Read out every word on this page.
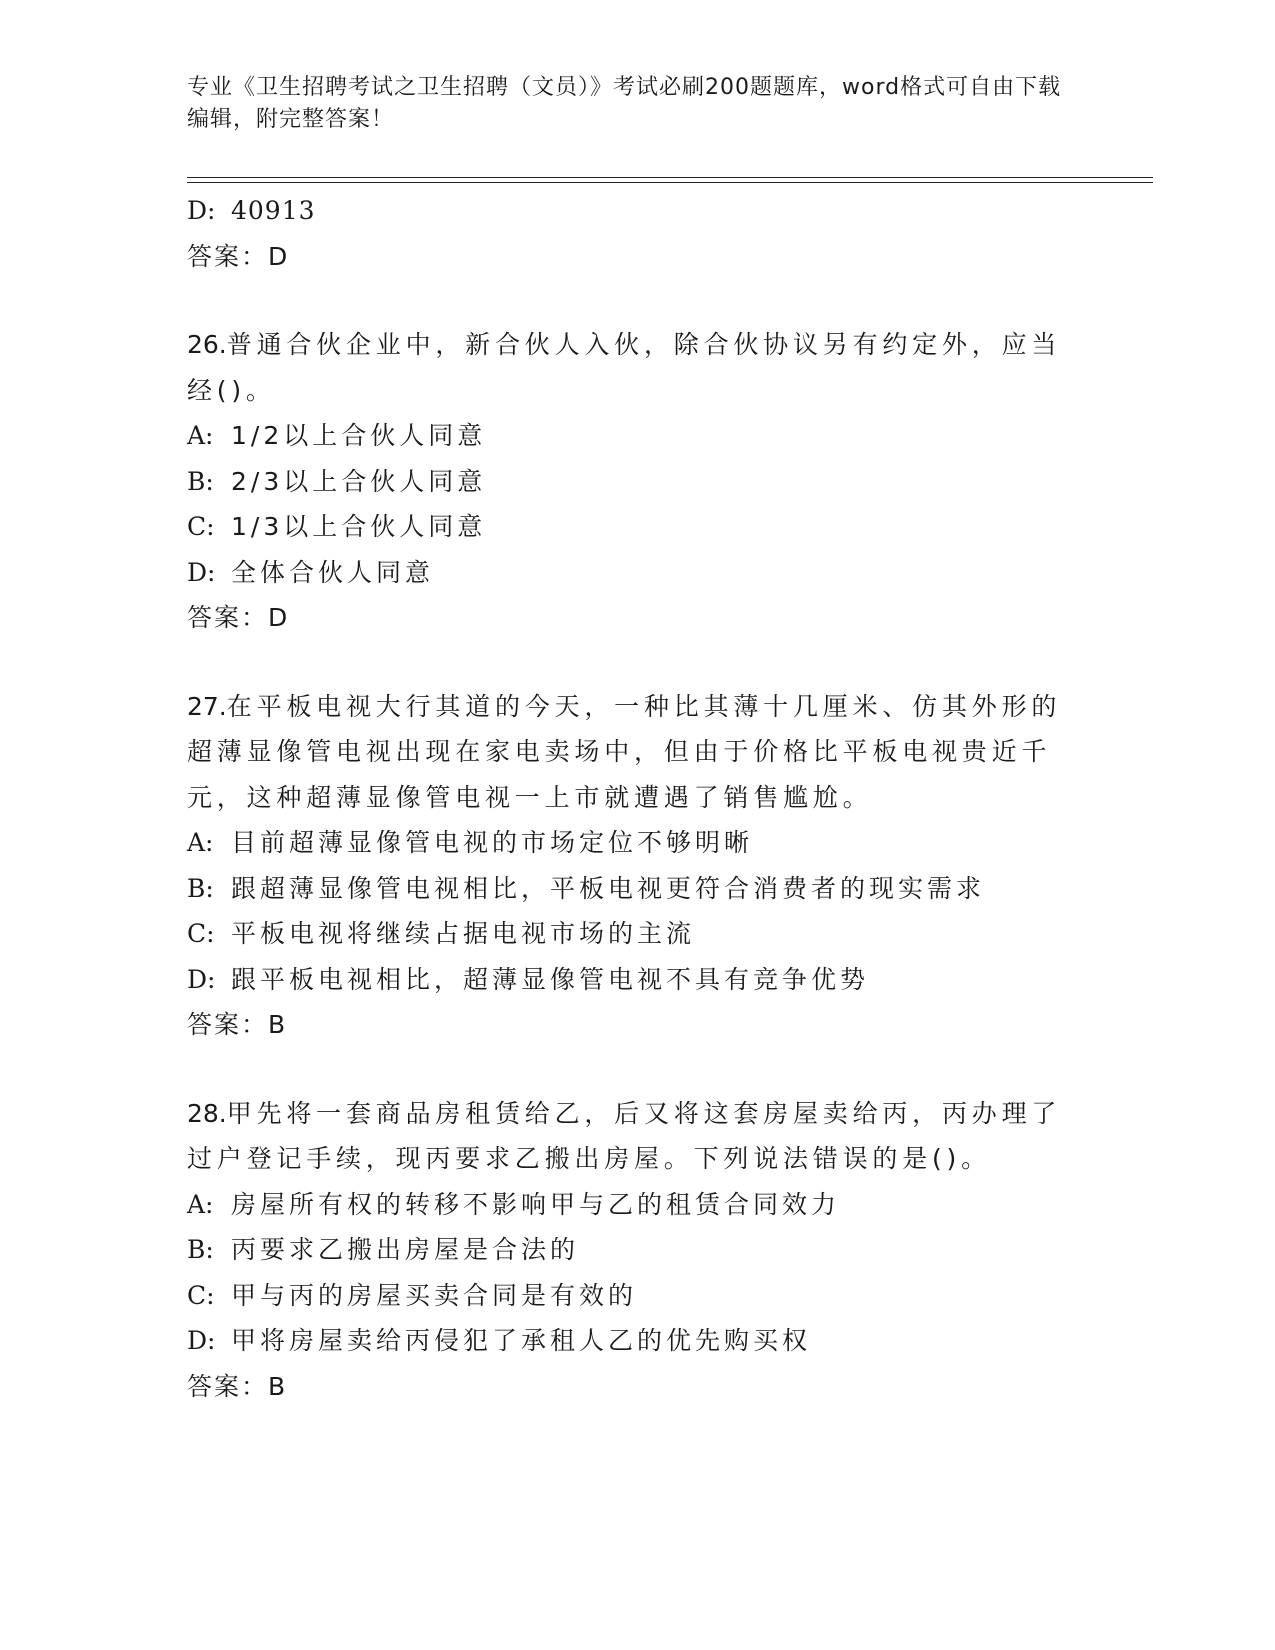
专业《卫生招聘考试之卫生招聘（文员）》考试必刷200题题库，word格式可自由下载编辑，附完整答案！
D: 40913
答案：D
26.普通合伙企业中，新合伙人入伙，除合伙协议另有约定外，应当经()。
A: 1/2以上合伙人同意
B: 2/3以上合伙人同意
C: 1/3以上合伙人同意
D: 全体合伙人同意
答案：D
27.在平板电视大行其道的今天，一种比其薄十几厘米、仿其外形的超薄显像管电视出现在家电卖场中，但由于价格比平板电视贵近千元，这种超薄显像管电视一上市就遭遇了销售尴尬。
A: 目前超薄显像管电视的市场定位不够明晰
B: 跟超薄显像管电视相比，平板电视更符合消费者的现实需求
C: 平板电视将继续占据电视市场的主流
D: 跟平板电视相比，超薄显像管电视不具有竞争优势
答案：B
28.甲先将一套商品房租赁给乙，后又将这套房屋卖给丙，丙办理了过户登记手续，现丙要求乙搬出房屋。下列说法错误的是()。
A: 房屋所有权的转移不影响甲与乙的租赁合同效力
B: 丙要求乙搬出房屋是合法的
C: 甲与丙的房屋买卖合同是有效的
D: 甲将房屋卖给丙侵犯了承租人乙的优先购买权
答案：B
